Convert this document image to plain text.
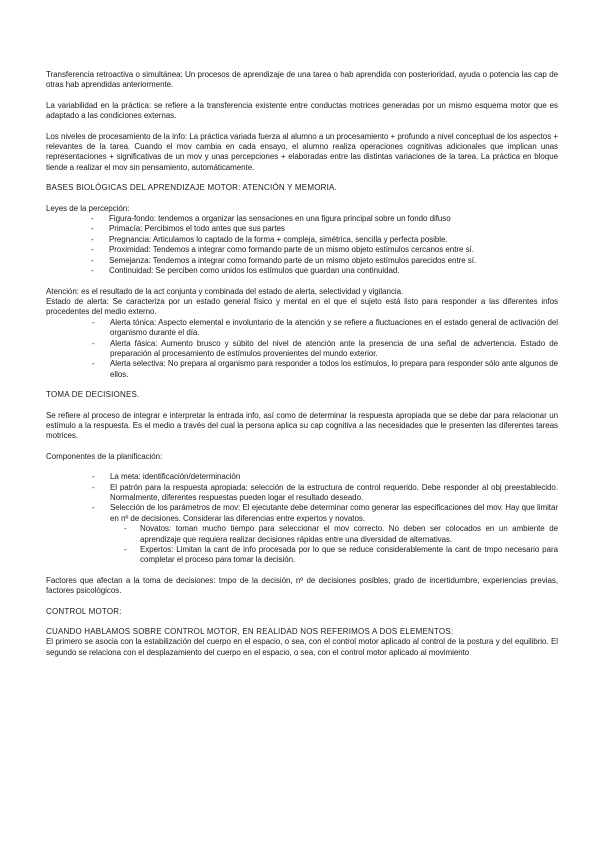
Transferencia retroactiva o simultánea: Un procesos de aprendizaje de una tarea o hab aprendida con posterioridad, ayuda o potencia las cap de otras hab aprendidas anteriormente.

La variabilidad en la práctica: se refiere a la transferencia existente entre conductas motrices generadas por un mismo esquema motor que es adaptado a las condiciones externas.

Los niveles de procesamiento de la info: La práctica variada fuerza al alumno a un procesamiento + profundo a nivel conceptual de los aspectos + relevantes de la tarea. Cuando el mov cambia en cada ensayo, el alumno realiza operaciones cognitivas adicionales que implican unas representaciones + significativas de un mov y unas percepciones + elaboradas entre las distintas variaciones de la tarea. La práctica en bloque tiende a realizar el mov sin pensamiento, automáticamente.

BASES BIOLÓGICAS DEL APRENDIZAJE MOTOR: ATENCIÓN Y MEMORIA.

Leyes de la percepción:

- Figura-fondo: tendemos a organizar las sensaciones en una figura principal sobre un fondo difuso
- Primacía: Percibimos el todo antes que sus partes
- Pregnancia: Articulamos lo captado de la forma + compleja, simétrica, sencilla y perfecta posible.
- Proximidad: Tendemos a integrar como formando parte de un mismo objeto estímulos cercanos entre sí.
- Semejanza: Tendemos a integrar como formando parte de un mismo objeto estímulos parecidos entre sí.
- Continuidad: Se perciben como unidos los estímulos que guardan una continuidad.

Atención: es el resultado de la act conjunta y combinada del estado de alerta, selectividad y vigilancia.

Estado de alerta: Se caracteriza por un estado general físico y mental en el que el sujeto está listo para responder a las diferentes infos procedentes del medio externo.

- Alerta tónica: Aspecto elemental e involuntario de la atención y se refiere a fluctuaciones en el estado general de activación del organismo durante el día.
- Alerta fásica: Aumento brusco y súbito del nivel de atención ante la presencia de una señal de advertencia. Estado de preparación al procesamiento de estímulos provenientes del mundo exterior.
- Alerta selectiva: No prepara al organismo para responder a todos los estímulos, lo prepara para responder sólo ante algunos de ellos.

TOMA DE DECISIONES.

Se refiere al proceso de integrar e interpretar la entrada info, así como de determinar la respuesta apropiada que se debe dar para relacionar un estímulo a la respuesta. Es el medio a través del cual la persona aplica su cap cognitiva a las necesidades que le presenten las diferentes tareas motrices.

Componentes de la planificación:

- La meta: identificación/determinación
- El patrón para la respuesta apropiada: selección de la estructura de control requerido. Debe responder al obj preestablecido. Normalmente, diferentes respuestas pueden logar el resultado deseado.
- Selección de los parámetros de mov: El ejecutante debe determinar como generar las especificaciones del mov. Hay que limitar en nº de decisiones. Considerar las diferencias entre expertos y novatos.
- Novatos: toman mucho tiempo para seleccionar el mov correcto. No deben ser colocados en un ambiente de aprendizaje que requiera realizar decisiones rápidas entre una diversidad de alternativas.
- Expertos: Limitan la cant de info procesada por lo que se reduce considerablemente la cant de tmpo necesario para completar el proceso para tomar la decisión.

Factores que afectan a la toma de decisiones: tmpo de la decisión, nº de decisiones posibles, grado de incertidumbre, experiencias previas, factores psicológicos.

CONTROL MOTOR:

CUANDO HABLAMOS SOBRE CONTROL MOTOR, EN REALIDAD NOS REFERIMOS A DOS ELEMENTOS:

El primero se asocia con la estabilización del cuerpo en el espacio, o sea, con el control motor aplicado al control de la postura y del equilibrio. El segundo se relaciona con el desplazamiento del cuerpo en el espacio, o sea, con el control motor aplicado al movimiento
